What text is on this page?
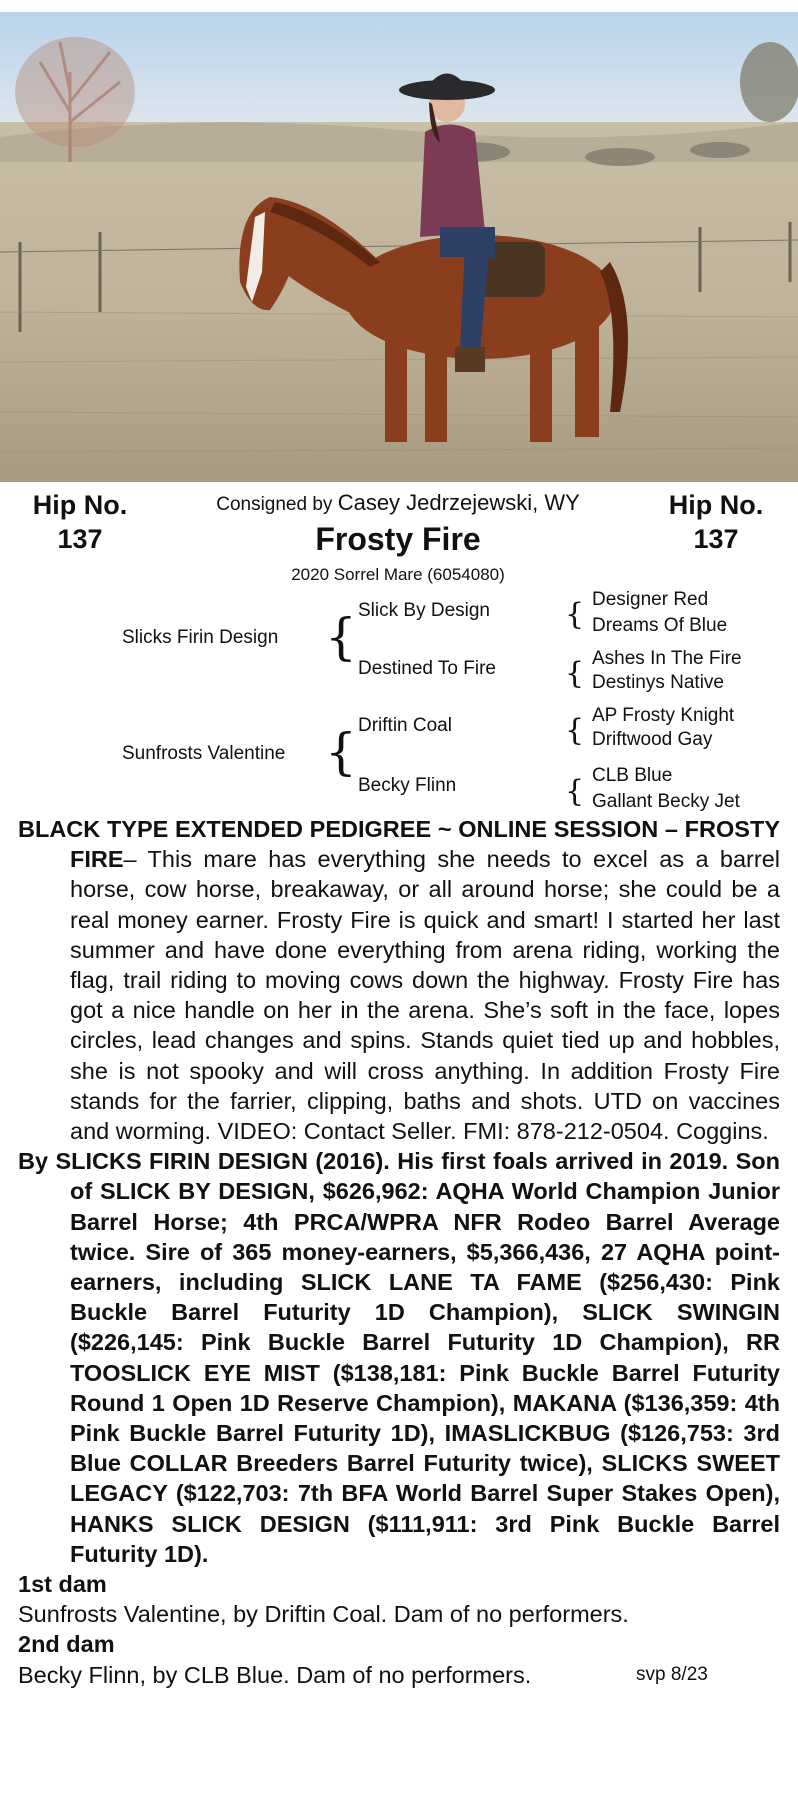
Hip No.
137
Hip No.
137
Consigned by Casey Jedrzejewski, WY
Frosty Fire
2020 Sorrel Mare (6054080)
Slicks Firin Design { Slick By Design
Destined To Fire
{ Designer Red
Dreams Of Blue
{ Ashes In The Fire
Destinys Native
Sunfrosts Valentine { Driftin Coal
Becky Flinn
{ AP Frosty Knight
Driftwood Gay
{ CLB Blue
Gallant Becky Jet

BLACK TYPE EXTENDED PEDIGREE ~ ONLINE SESSION – FROSTY FIRE– This mare has everything she needs to excel as a barrel horse, cow horse, breakaway, or all around horse; she could be a real money earner. Frosty Fire is quick and smart! I started her last summer and have done everything from arena riding, working the flag, trail riding to moving cows down the highway. Frosty Fire has got a nice handle on her in the arena. She’s soft in the face, lopes circles, lead changes and spins. Stands quiet tied up and hobbles, she is not spooky and will cross anything. In addition Frosty Fire stands for the farrier, clipping, baths and shots. UTD on vaccines and worming. VIDEO: Contact Seller. FMI: 878-212-0504. Coggins.

By SLICKS FIRIN DESIGN (2016). His first foals arrived in 2019. Son of SLICK BY DESIGN, $626,962: AQHA World Champion Junior Barrel Horse; 4th PRCA/WPRA NFR Rodeo Barrel Average twice. Sire of 365 money-earners, $5,366,436, 27 AQHA point-earners, including SLICK LANE TA FAME ($256,430: Pink Buckle Barrel Futurity 1D Champion), SLICK SWINGIN ($226,145: Pink Buckle Barrel Futurity 1D Champion), RR TOOSLICK EYE MIST ($138,181: Pink Buckle Barrel Futurity Round 1 Open 1D Reserve Champion), MAKANA ($136,359: 4th Pink Buckle Barrel Futurity 1D), IMASLICKBUG ($126,753: 3rd Blue COLLAR Breeders Barrel Futurity twice), SLICKS SWEET LEGACY ($122,703: 7th BFA World Barrel Super Stakes Open), HANKS SLICK DESIGN ($111,911: 3rd Pink Buckle Barrel Futurity 1D).

1st dam

Sunfrosts Valentine, by Driftin Coal. Dam of no performers.

2nd dam

Becky Flinn, by CLB Blue. Dam of no performers.	svp 8/23
